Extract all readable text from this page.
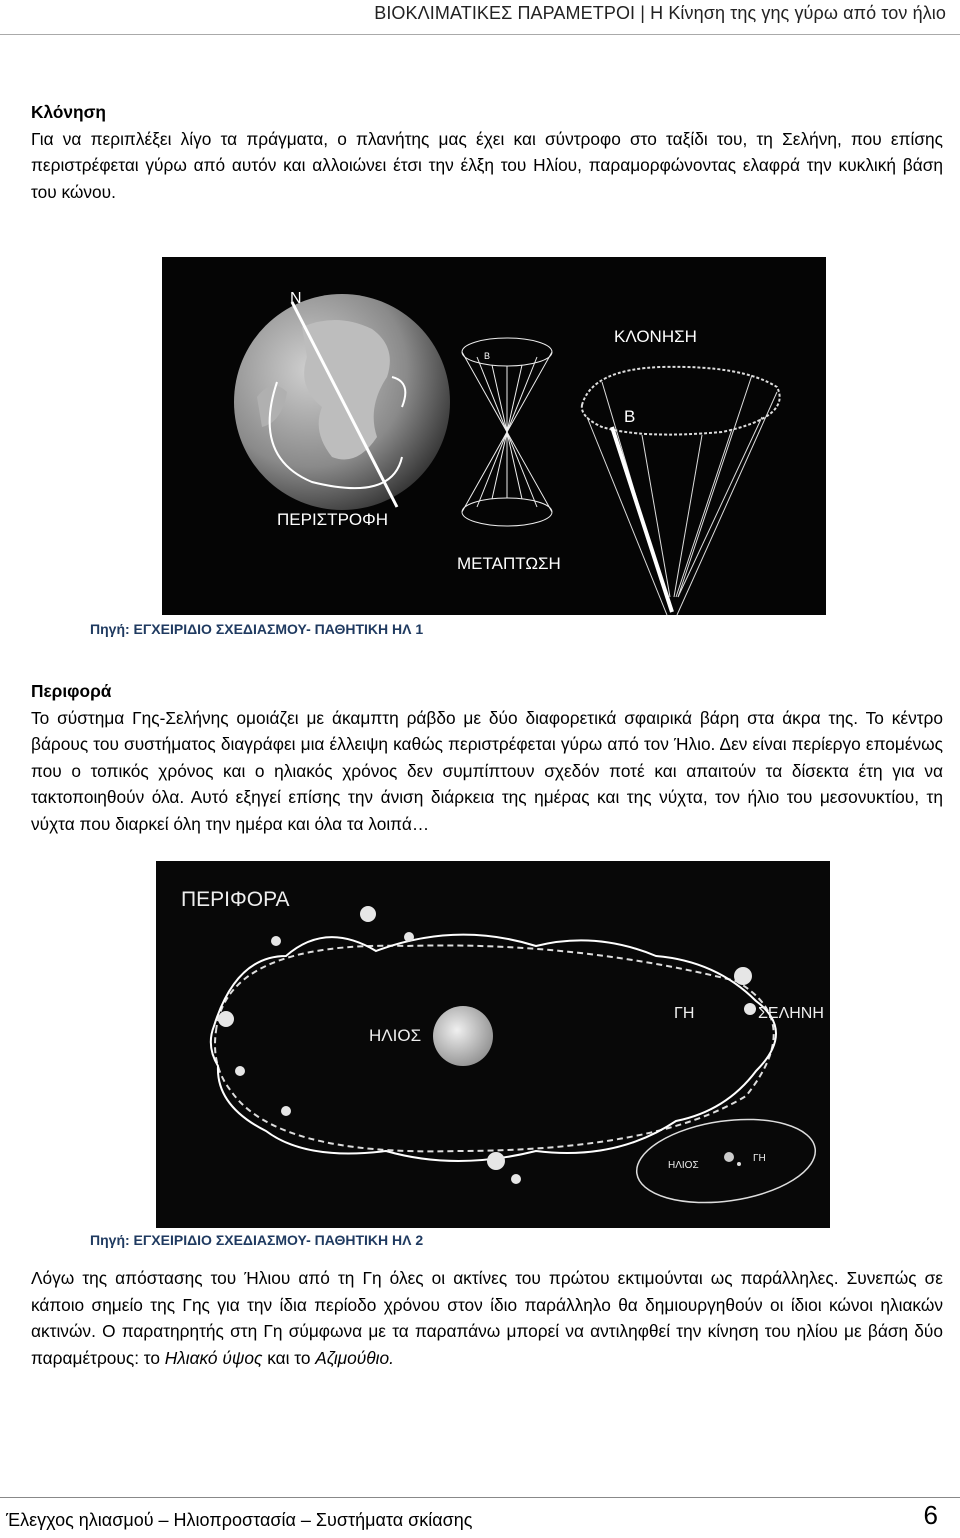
ΒΙΟΚΛΙΜΑΤΙΚΕΣ ΠΑΡΑΜΕΤΡΟΙ | Η Κίνηση της γης γύρω από τον ήλιο
Κλόνηση
Για να περιπλέξει λίγο τα πράγματα, ο πλανήτης μας έχει και σύντροφο στο ταξίδι του, τη Σελήνη, που επίσης περιστρέφεται γύρω από αυτόν και αλλοιώνει έτσι την έλξη του Ηλίου, παραμορφώνοντας ελαφρά την κυκλική βάση του κώνου.
N
ΠΕΡΙΣΤΡΟΦΗ
B
ΜΕΤΑΠΤΩΣΗ
ΚΛΟΝΗΣΗ
B
Πηγή: ΕΓΧΕΙΡΙΔΙΟ ΣΧΕΔΙΑΣΜΟΥ- ΠΑΘΗΤΙΚΗ ΗΛ 1
Περιφορά
Το σύστημα Γης-Σελήνης ομοιάζει με άκαμπτη ράβδο με δύο διαφορετικά σφαιρικά βάρη στα άκρα της. Το κέντρο βάρους του συστήματος διαγράφει μια έλλειψη καθώς περιστρέφεται γύρω από τον Ήλιο. Δεν είναι περίεργο επομένως που ο τοπικός χρόνος και ο ηλιακός χρόνος δεν συμπίπτουν σχεδόν ποτέ και απαιτούν τα δίσεκτα έτη για να τακτοποιηθούν όλα. Αυτό εξηγεί επίσης την άνιση διάρκεια της ημέρας και της νύχτα, τον ήλιο του μεσονυκτίου, τη νύχτα που διαρκεί όλη την ημέρα και όλα τα λοιπά…
ΠΕΡΙΦΟΡΑ
ΗΛΙΟΣ
ΓΗ	ΣΕΛΗΝΗ
ΗΛΙΟΣ
ΓΗ
Πηγή: ΕΓΧΕΙΡΙΔΙΟ ΣΧΕΔΙΑΣΜΟΥ- ΠΑΘΗΤΙΚΗ ΗΛ 2
Λόγω της απόστασης του Ήλιου από τη Γη όλες οι ακτίνες του πρώτου εκτιμούνται ως παράλληλες. Συνεπώς σε κάποιο σημείο της Γης για την ίδια περίοδο χρόνου στον ίδιο παράλληλο θα δημιουργηθούν οι ίδιοι κώνοι ηλιακών ακτινών. Ο παρατηρητής στη Γη σύμφωνα με τα παραπάνω μπορεί να αντιληφθεί την κίνηση του ηλίου με βάση δύο παραμέτρους: το Ηλιακό ύψος και το Αζιμούθιο.
Έλεγχος ηλιασμού – Ηλιοπροστασία – Συστήματα σκίασης	6
